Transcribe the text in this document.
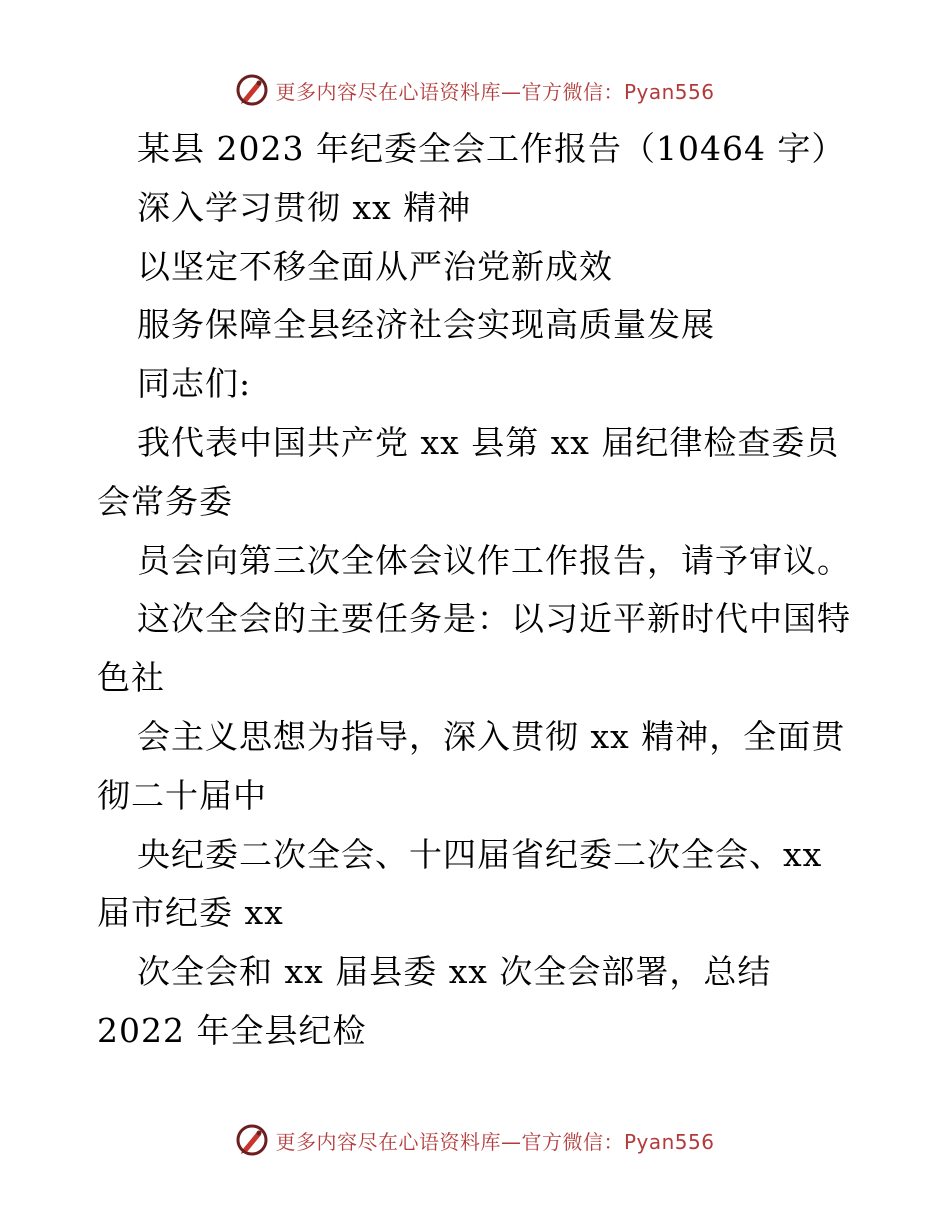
更多内容尽在心语资料库—官方微信：Pyan556
某县 2023 年纪委全会工作报告（10464 字）
深入学习贯彻 xx 精神
以坚定不移全面从严治党新成效
服务保障全县经济社会实现高质量发展
同志们:
我代表中国共产党 xx 县第 xx 届纪律检查委员
会常务委
员会向第三次全体会议作工作报告，请予审议。
这次全会的主要任务是：以习近平新时代中国特
色社
会主义思想为指导，深入贯彻 xx 精神，全面贯
彻二十届中
央纪委二次全会、十四届省纪委二次全会、xx
届市纪委 xx
次全会和 xx 届县委 xx 次全会部署，总结
2022 年全县纪检
更多内容尽在心语资料库—官方微信：Pyan556
